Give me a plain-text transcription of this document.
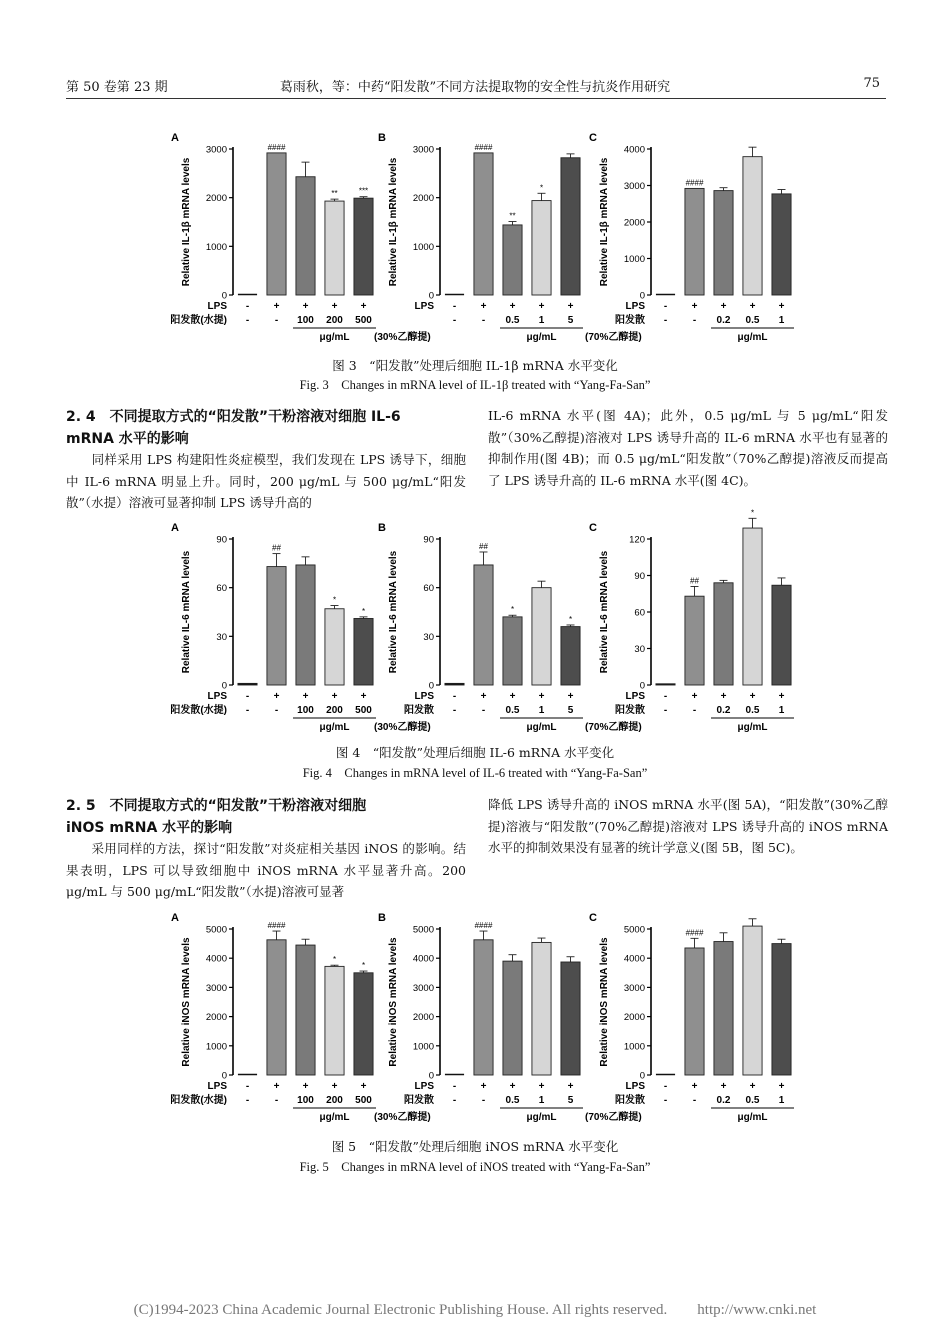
第 50 卷第 23 期	葛雨秋，等：中药“阳发散”不同方法提取物的安全性与抗炎作用研究	75
A
Relative IL-1β mRNA levels
0
1000
2000
3000
-
-
####
+
-
+
100
**
+
200
***
+
500
LPS
阳发散(水提)
μg/mL
B
Relative IL-1β mRNA levels
0
1000
2000
3000
-
-
####
+
-
**
+
0.5
*
+
1
+
5
LPS
μg/mL
(30%乙醇提)
C
Relative IL-1β mRNA levels
0
1000
2000
3000
4000
-
-
####
+
-
+
0.2
+
0.5
+
1
LPS
阳发散
μg/mL
(70%乙醇提)
图 3　“阳发散”处理后细胞 IL-1β mRNA 水平变化
Fig. 3　Changes in mRNA level of IL-1β treated with “Yang-Fa-San”
2. 4　不同提取方式的“阳发散”干粉溶液对细胞 IL-6
mRNA 水平的影响
　　同样采用 LPS 构建阳性炎症模型，我们发现在 LPS 诱导下，细胞中 IL-6 mRNA 明显上升。同时，200 μg/mL 与 500 μg/mL“阳发散”（水提）溶液可显著抑制 LPS 诱导升高的
IL-6 mRNA 水平(图 4A)；此外，0.5 μg/mL 与 5 μg/mL“阳发散”（30%乙醇提)溶液对 LPS 诱导升高的 IL-6 mRNA 水平也有显著的抑制作用(图 4B)；而 0.5 μg/mL“阳发散”（70%乙醇提)溶液反而提高了 LPS 诱导升高的 IL-6 mRNA 水平(图 4C)。
A
Relative IL-6 mRNA levels
0
30
60
90
-
-
##
+
-
+
100
*
+
200
*
+
500
LPS
阳发散(水提)
μg/mL
B
Relative IL-6 mRNA levels
0
30
60
90
-
-
##
+
-
*
+
0.5
+
1
*
+
5
LPS
阳发散
μg/mL
(30%乙醇提)
C
Relative IL-6 mRNA levels
0
30
60
90
120
-
-
##
+
-
+
0.2
*
+
0.5
+
1
LPS
阳发散
μg/mL
(70%乙醇提)
图 4　“阳发散”处理后细胞 IL-6 mRNA 水平变化
Fig. 4　Changes in mRNA level of IL-6 treated with “Yang-Fa-San”
2. 5　不同提取方式的“阳发散”干粉溶液对细胞
iNOS mRNA 水平的影响
　　采用同样的方法，探讨“阳发散”对炎症相关基因 iNOS 的影响。结果表明，LPS 可以导致细胞中 iNOS mRNA 水平显著升高。200 μg/mL 与 500 μg/mL“阳发散”（水提)溶液可显著
降低 LPS 诱导升高的 iNOS mRNA 水平(图 5A)，“阳发散”(30%乙醇提)溶液与“阳发散”(70%乙醇提)溶液对 LPS 诱导升高的 iNOS mRNA 水平的抑制效果没有显著的统计学意义(图 5B，图 5C)。
A
Relative iNOS mRNA levels
0
1000
2000
3000
4000
5000
-
-
####
+
-
+
100
*
+
200
*
+
500
LPS
阳发散(水提)
μg/mL
B
Relative iNOS mRNA levels
0
1000
2000
3000
4000
5000
-
-
####
+
-
+
0.5
+
1
+
5
LPS
阳发散
μg/mL
(30%乙醇提)
C
Relative iNOS mRNA levels
0
1000
2000
3000
4000
5000
-
-
####
+
-
+
0.2
+
0.5
+
1
LPS
阳发散
μg/mL
(70%乙醇提)
图 5　“阳发散”处理后细胞 iNOS mRNA 水平变化
Fig. 5　Changes in mRNA level of iNOS treated with “Yang-Fa-San”
(C)1994-2023 China Academic Journal Electronic Publishing House. All rights reserved.　　http://www.cnki.net
